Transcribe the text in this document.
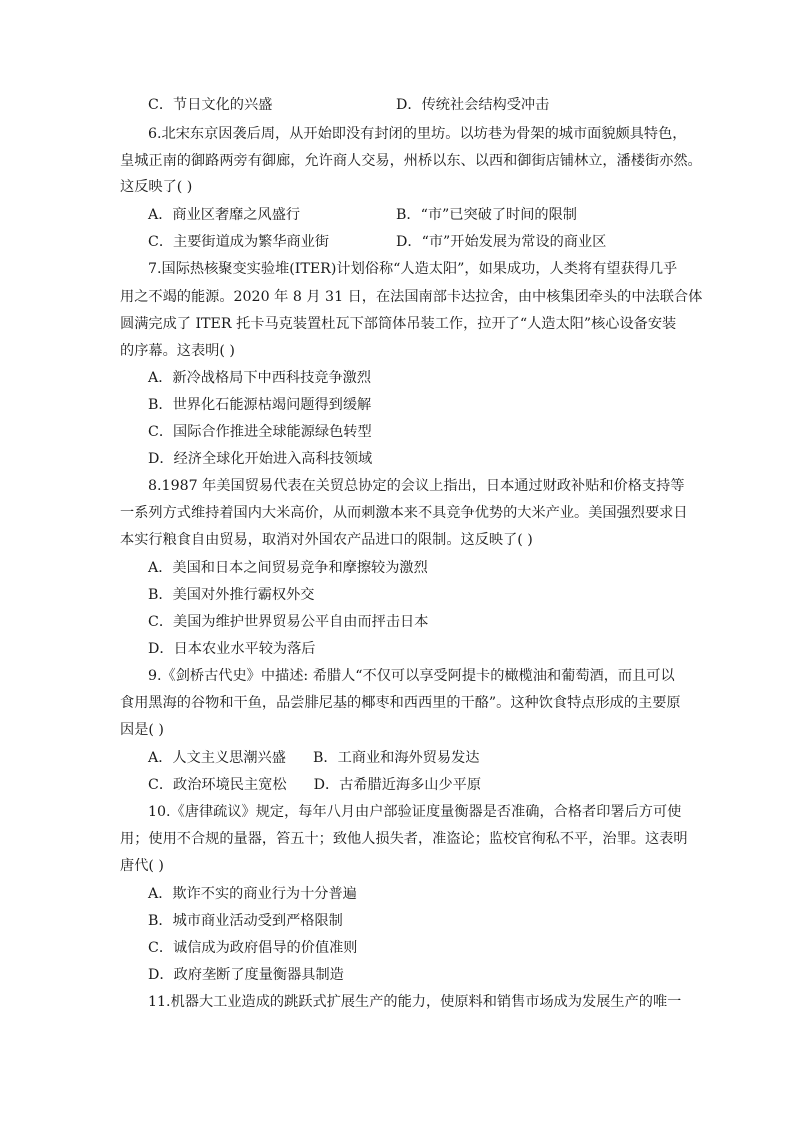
C．节日文化的兴盛	D．传统社会结构受冲击
6.北宋东京因袭后周，从开始即没有封闭的里坊。以坊巷为骨架的城市面貌颇具特色，
皇城正南的御路两旁有御廊，允许商人交易，州桥以东、以西和御街店铺林立，潘楼街亦然。
这反映了( )
A．商业区奢靡之风盛行	B．“市”已突破了时间的限制
C．主要街道成为繁华商业街	D．“市”开始发展为常设的商业区
7.国际热核聚变实验堆(ITER)计划俗称“人造太阳”，如果成功，人类将有望获得几乎
用之不竭的能源。2020 年 8 月 31 日，在法国南部卡达拉舍，由中核集团牵头的中法联合体
圆满完成了 ITER 托卡马克装置杜瓦下部筒体吊装工作，拉开了“人造太阳”核心设备安装
的序幕。这表明( )
A．新冷战格局下中西科技竞争激烈
B．世界化石能源枯竭问题得到缓解
C．国际合作推进全球能源绿色转型
D．经济全球化开始进入高科技领域
8.1987 年美国贸易代表在关贸总协定的会议上指出，日本通过财政补贴和价格支持等
一系列方式维持着国内大米高价，从而刺激本来不具竞争优势的大米产业。美国强烈要求日
本实行粮食自由贸易，取消对外国农产品进口的限制。这反映了( )
A．美国和日本之间贸易竞争和摩擦较为激烈
B．美国对外推行霸权外交
C．美国为维护世界贸易公平自由而抨击日本
D．日本农业水平较为落后
9.《剑桥古代史》中描述: 希腊人“不仅可以享受阿提卡的橄榄油和葡萄酒，而且可以
食用黑海的谷物和干鱼，品尝腓尼基的椰枣和西西里的干酪”。这种饮食特点形成的主要原
因是( )
A．人文主义思潮兴盛      B．工商业和海外贸易发达
C．政治环境民主宽松      D．古希腊近海多山少平原
10.《唐律疏议》规定，每年八月由户部验证度量衡器是否准确，合格者印署后方可使
用；使用不合规的量器，笞五十；致他人损失者，准盗论；监校官徇私不平，治罪。这表明
唐代( )
A．欺诈不实的商业行为十分普遍
B．城市商业活动受到严格限制
C．诚信成为政府倡导的价值准则
D．政府垄断了度量衡器具制造
11.机器大工业造成的跳跃式扩展生产的能力，使原料和销售市场成为发展生产的唯一
